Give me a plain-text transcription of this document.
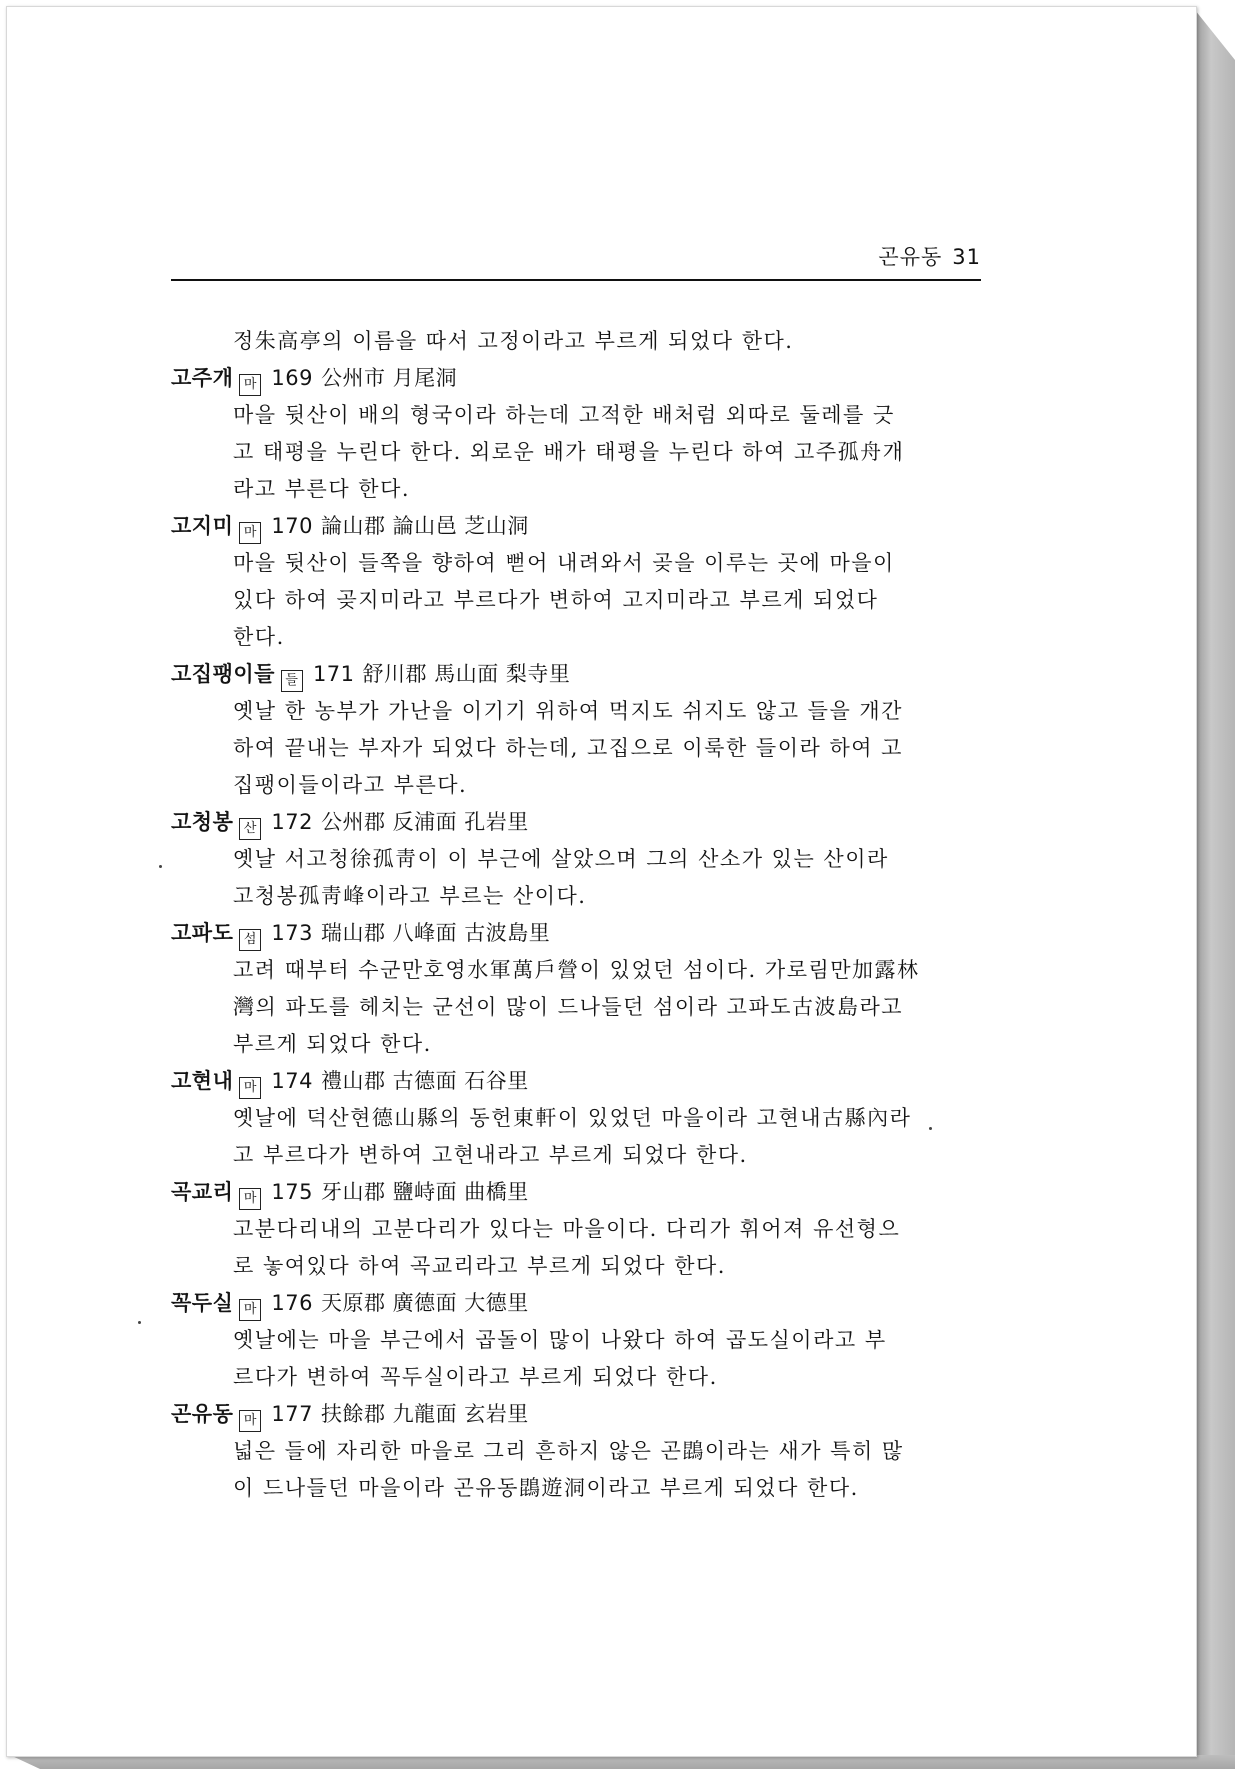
곤유동 31
정朱高亭의 이름을 따서 고정이라고 부르게 되었다 한다.
고주개 마 169 公州市 月尾洞
마을 뒷산이 배의 형국이라 하는데 고적한 배처럼 외따로 둘레를 긋
고 태평을 누린다 한다. 외로운 배가 태평을 누린다 하여 고주孤舟개
라고 부른다 한다.
고지미 마 170 論山郡 論山邑 芝山洞
마을 뒷산이 들쪽을 향하여 뻗어 내려와서 곶을 이루는 곳에 마을이
있다 하여 곶지미라고 부르다가 변하여 고지미라고 부르게 되었다
한다.
고집팽이들 들 171 舒川郡 馬山面 梨寺里
옛날 한 농부가 가난을 이기기 위하여 먹지도 쉬지도 않고 들을 개간
하여 끝내는 부자가 되었다 하는데, 고집으로 이룩한 들이라 하여 고
집팽이들이라고 부른다.
고청봉 산 172 公州郡 反浦面 孔岩里
옛날 서고청徐孤靑이 이 부근에 살았으며 그의 산소가 있는 산이라
고청봉孤靑峰이라고 부르는 산이다.
고파도 섬 173 瑞山郡 八峰面 古波島里
고려 때부터 수군만호영水軍萬戶營이 있었던 섬이다. 가로림만加露林
灣의 파도를 헤치는 군선이 많이 드나들던 섬이라 고파도古波島라고
부르게 되었다 한다.
고현내 마 174 禮山郡 古德面 石谷里
옛날에 덕산현德山縣의 동헌東軒이 있었던 마을이라 고현내古縣內라
고 부르다가 변하여 고현내라고 부르게 되었다 한다.
곡교리 마 175 牙山郡 鹽峙面 曲橋里
고분다리내의 고분다리가 있다는 마을이다. 다리가 휘어져 유선형으
로 놓여있다 하여 곡교리라고 부르게 되었다 한다.
꼭두실 마 176 天原郡 廣德面 大德里
옛날에는 마을 부근에서 곱돌이 많이 나왔다 하여 곱도실이라고 부
르다가 변하여 꼭두실이라고 부르게 되었다 한다.
곤유동 마 177 扶餘郡 九龍面 玄岩里
넓은 들에 자리한 마을로 그리 흔하지 않은 곤鵾이라는 새가 특히 많
이 드나들던 마을이라 곤유동鵾遊洞이라고 부르게 되었다 한다.
